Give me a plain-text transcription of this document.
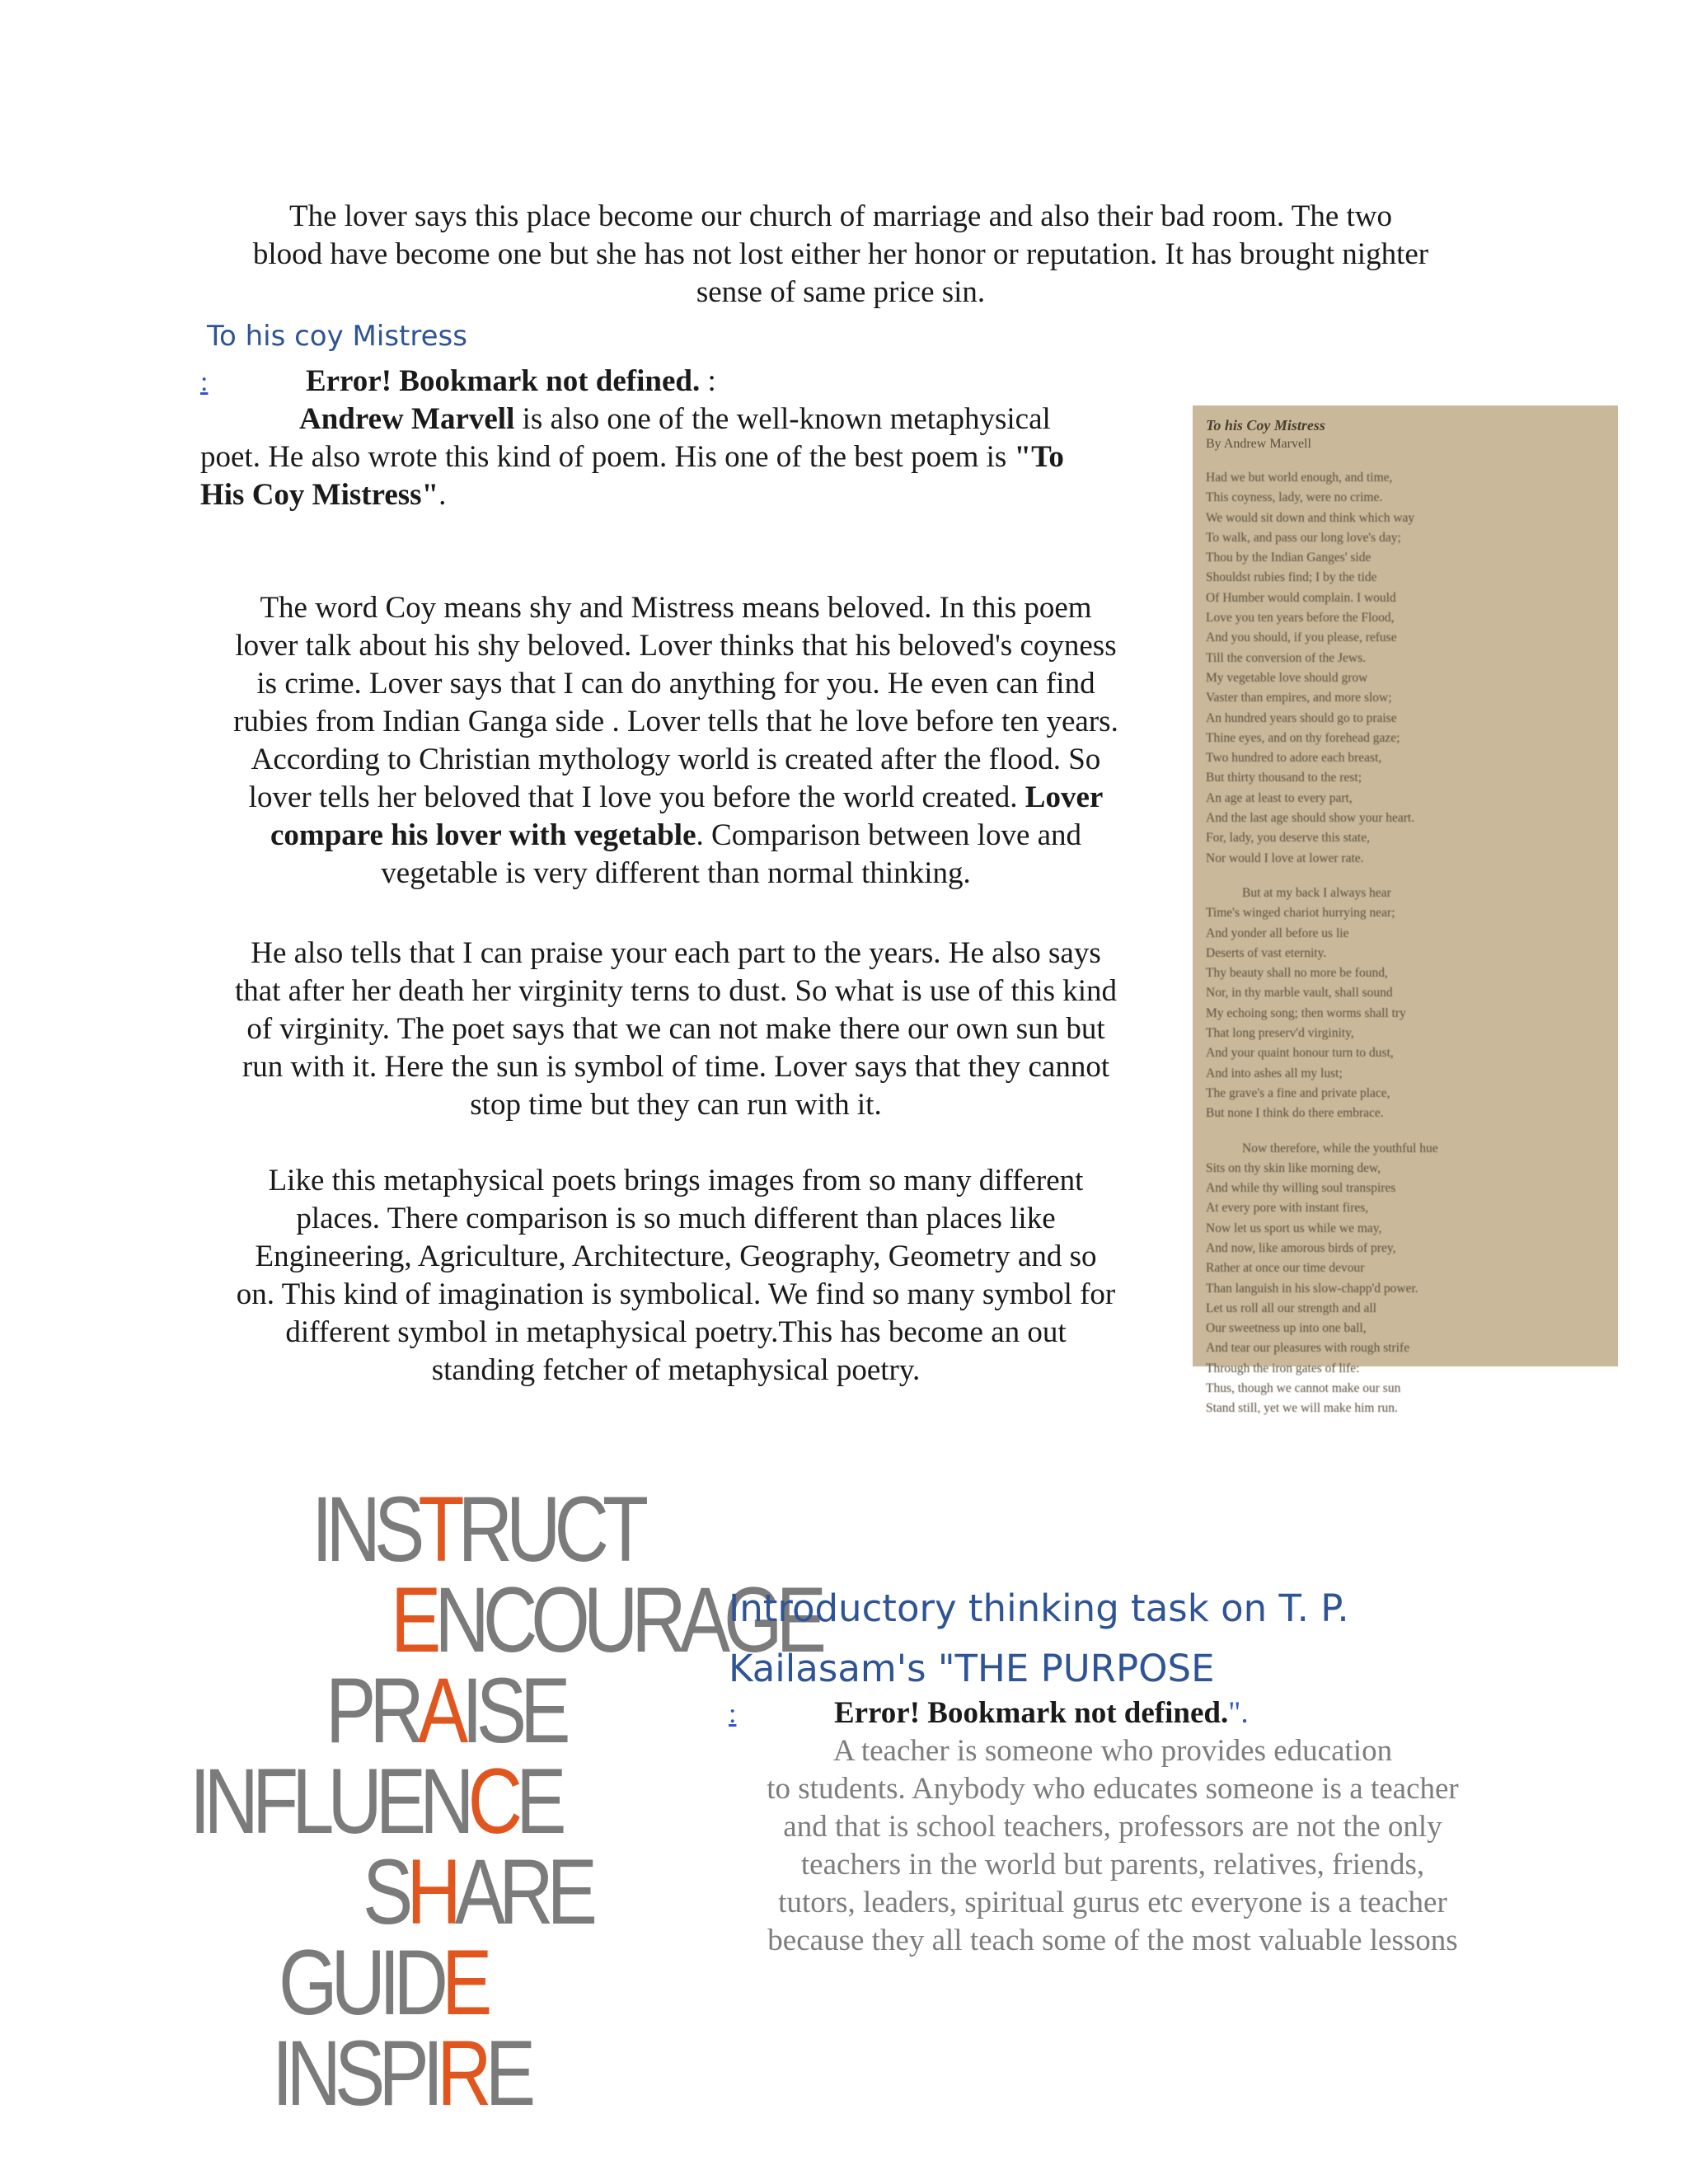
The lover says this place become our church of marriage and also their bad room. The two
blood have become one but she has not lost either her honor or reputation. It has brought nighter
sense of same price sin.
To his coy Mistress
:	Error! Bookmark not defined. :
Andrew Marvell is also one of the well-known metaphysical
poet. He also wrote this kind of poem. His one of the best poem is "To
His Coy Mistress".
The word Coy means shy and Mistress means beloved. In this poem
lover talk about his shy beloved. Lover thinks that his beloved's coyness
is crime. Lover says that I can do anything for you. He even can find
rubies from Indian Ganga side . Lover tells that he love before ten years.
According to Christian mythology world is created after the flood. So
lover tells her beloved that I love you before the world created. Lover
compare his lover with vegetable. Comparison between love and
vegetable is very different than normal thinking.
He also tells that I can praise your each part to the years. He also says
that after her death her virginity terns to dust. So what is use of this kind
of virginity. The poet says that we can not make there our own sun but
run with it. Here the sun is symbol of time. Lover says that they cannot
stop time but they can run with it.
Like this metaphysical poets brings images from so many different
places. There comparison is so much different than places like
Engineering, Agriculture, Architecture, Geography, Geometry and so
on. This kind of imagination is symbolical. We find so many symbol for
different symbol in metaphysical poetry.This has become an out
standing fetcher of metaphysical poetry.
To his Coy Mistress
By Andrew Marvell
Had we but world enough, and time,
This coyness, lady, were no crime.
We would sit down and think which way
To walk, and pass our long love's day;
Thou by the Indian Ganges' side
Shouldst rubies find; I by the tide
Of Humber would complain. I would
Love you ten years before the Flood,
And you should, if you please, refuse
Till the conversion of the Jews.
My vegetable love should grow
Vaster than empires, and more slow;
An hundred years should go to praise
Thine eyes, and on thy forehead gaze;
Two hundred to adore each breast,
But thirty thousand to the rest;
An age at least to every part,
And the last age should show your heart.
For, lady, you deserve this state,
Nor would I love at lower rate.
But at my back I always hear
Time's winged chariot hurrying near;
And yonder all before us lie
Deserts of vast eternity.
Thy beauty shall no more be found,
Nor, in thy marble vault, shall sound
My echoing song; then worms shall try
That long preserv'd virginity,
And your quaint honour turn to dust,
And into ashes all my lust;
The grave's a fine and private place,
But none I think do there embrace.
Now therefore, while the youthful hue
Sits on thy skin like morning dew,
And while thy willing soul transpires
At every pore with instant fires,
Now let us sport us while we may,
And now, like amorous birds of prey,
Rather at once our time devour
Than languish in his slow-chapp'd power.
Let us roll all our strength and all
Our sweetness up into one ball,
And tear our pleasures with rough strife
Through the iron gates of life:
Thus, though we cannot make our sun
Stand still, yet we will make him run.
INSTRUCT
ENCOURAGE
PRAISE
INFLUENCE
SHARE
GUIDE
INSPIRE
Introductory thinking task on T. P.
Kailasam's "THE PURPOSE
:	Error! Bookmark not defined.".
A teacher is someone who provides education
to students. Anybody who educates someone is a teacher
and that is school teachers, professors are not the only
teachers in the world but parents, relatives, friends,
tutors, leaders, spiritual gurus etc everyone is a teacher
because they all teach some of the most valuable lessons
